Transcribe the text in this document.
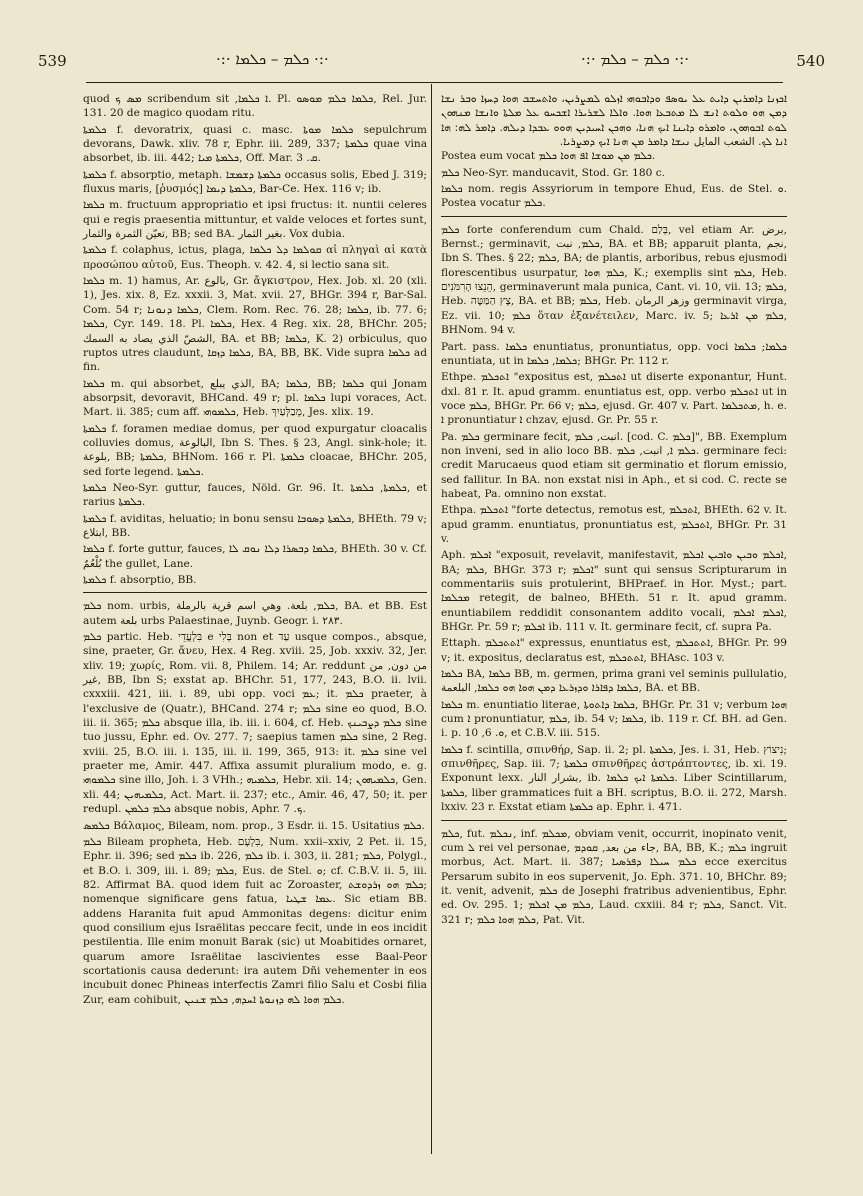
539	·:· ܟܠܡ – ܟܠܡܐ ·:·	·:· ܟܠܡ – ܟܠܡ ·:·	540

quod ܡܣ ܟ scribendum sit ,ܐ ܟܠܡܐ. Pl. ܟܠܡܐ ܟܠܡ ܡܘܣܘ, Rel. Jur. 131. 20 de magico quodam ritu.

ܟܠܡܬܐ f. devoratrix, quasi c. masc. ܟܠܡܐ ܡܘܬܐ sepulchrum devorans, Dawk. xliv. 78 r, Ephr. iii. 289, 337; ܟܠܡܬܐ quae vina absorbet, ib. iii. 442; ܟܠܡܬܐ ܡܝܐ, Off. Mar. ܩ. 3.

ܟܠܡܬܐ f. absorptio, metaph. ܟܠܡܬܐ ܕܫܡܫܐ occasus solis, Ebed J. 319; fluxus maris, [ῥυσμός] ܟܠܡܬܐ ܕܝܡܐ, Bar-Ce. Hex. 116 v; ib.

ܟܠܡܐ m. fructuum appropriatio et ipsi fructus: it. nuntii celeres qui e regis praesentia mittuntur, et valde veloces et fortes sunt, تعيّن الثمرة والثمار, BB; sed BA. بغير الثمار. Vox dubia.

ܟܠܡܬܐ f. colaphus, ictus, plaga, ܩܘܠܡܐ ܕܠ ܟܠܡܐ αἱ πληγαὶ αἱ κατὰ προσώπου αὐτοῦ, Eus. Theoph. v. 42. 4, si lectio sana sit.

ܟܠܡܐ m. 1) hamus, Ar. بالوع, Gr. ἄγκιστρον, Hex. Job. xl. 20 (xli. 1), Jes. xix. 8, Ez. xxxii. 3, Mat. xvii. 27, BHGr. 394 r, Bar-Sal. Com. 54 r; ܟܠܡܐ ܕܢܘܢܐ, Clem. Rom. Rec. 76. 28; ܟܠܡܐ, ib. 77. 6; ܟܠܡܐ, Cyr. 149. 18. Pl. ܟܠܡܐ, Hex. 4 Reg. xix. 28, BHChr. 205; الشصّ الذي يصاد به السمك, BA. et BB; ܟܠܡܐ, K. 2) orbiculus, quo ruptos utres claudunt, ܟܠܡܐ ܕܙܩܐ, BA, BB, BK. Vide supra ܟܠܡܐ ad fin.

ܟܠܡܐ m. qui absorbet, الذي يبلع, BA; ܟܠܡܐ, BB; ܟܠܡܐ qui Jonam absorpsit, devoravit, BHCand. 49 r; pl. ܟܠܡܐ lupi voraces, Act. Mart. ii. 385; cum aff. ܟܠܡܘܗܝ, Heb. מְבַלְּעַיִךְ, Jes. xlix. 19.

ܟܠܡܬܐ f. foramen mediae domus, per quod expurgatur cloacalis colluvies domus, البالوعة, Ibn S. Thes. § 23, Angl. sink-hole; it. بلوعة, BB; ܟܠܡܬܐ, BHNom. 166 r. Pl. ܟܠܡܬܐ cloacae, BHChr. 205, sed forte legend. ܟܠܡܬܐ.

ܟܠܡܬܐ Neo-Syr. guttur, fauces, Nöld. Gr. 96. It. ܟܠܡܬܐ, ܟܠܡܬܐ, et rarius ܟܠܡܬܐ.

ܟܠܡܬܐ f. aviditas, heluatio; in bonu sensu ܟܠܡܬܐ ܕܣܘܒܐ, BHEth. 79 v; ابتلاع, BB.

ܟܠܡܐ f. forte guttur, fauces, ܟܠܡܐ ܕܒܣܪܐ ܕܠܐ ܢܘܩ ܠܐ, BHEth. 30 v. Cf. بُلْعُمٌ the gullet, Lane.

ܟܠܡܬܐ f. absorptio, BB.

ܟܠܡ nom. urbis, ܟܠܡ, بلعة. وهي اسم قرية بالرملة, BA. et BB. Est autem بلعة urbs Palaestinae, Juynb. Geogr. i. ۲۸۳.

ܟܠܡ partic. Heb. בִּלְעֲדֵי e בְּלִי non et עַד usque compos., absque, sine, praeter, Gr. ἄνευ, Hex. 4 Reg. xviii. 25, Job. xxxiv. 32, Jer. xliv. 19; χωρίς, Rom. vii. 8, Philem. 14; Ar. reddunt من دون, من غير, BB, Ibn S; exstat ap. BHChr. 51, 177, 243, B.O. ii. lvii. cxxxiii. 421, iii. i. 89, ubi opp. voci ܥܡ; it. ܟܠܡ praeter, à l'exclusive de (Quatr.), BHCand. 274 r; ܟܠܡ sine eo quod, B.O. iii. ii. 365; ܟܠܡ absque illa, ib. iii. i. 604, cf. Heb. ܟܠܡ ܕܨܒܝܢܟ sine tuo jussu, Ephr. ed. Ov. 277. 7; saepius tamen ܟܠܡ sine, 2 Reg. xviii. 25, B.O. iii. i. 135, iii. ii. 199, 365, 913: it. ܟܠܡ sine vel praeter me, Amir. 447. Affixa assumit pluralium modo, e. g. ܟܠܡܘܗܝ sine illo, Joh. i. 3 VHh.; ܟܠܡܝܗ, Hebr. xii. 14; ܟܠܡܝܗܘܢ, Gen. xli. 44; ܟܠܡܝܗܝܢ, Act. Mart. ii. 237; etc., Amir. 46, 47, 50; it. per redupl. ܟܠܡ ܟܠܡܢ absque nobis, Aphr. ܟ. 7.

ܟܠܡܣ Βάλαμος, Bileam, nom. prop., 3 Esdr. ii. 15. Usitatius ܟܠܡ.

ܟܠܡ Bileam propheta, Heb. בִּלְעָם, Num. xxii–xxiv, 2 Pet. ii. 15, Ephr. ii. 396; sed ܟܠܡ ib. 226, ܟܠܡ ib. i. 303, ii. 281; ܟܠܡ, Polygl., et B.O. i. 309, iii. i. 89; ܟܠܡ, Eus. de Stel. ܘ; cf. C.B.V. ii. 5, iii. 82. Affirmat BA. quod idem fuit ac Zoroaster, ܟܠܡ ܗܘ ܙܪܕܘܫܬ; nomenque significare gens fatua, ܥܡܐ ܫܛܝܐ. Sic etiam BB. addens Haranita fuit apud Ammonitas degens: dicitur enim quod consilium ejus Israëlitas peccare fecit, unde in eos incidit pestilentia. Ille enim monuit Barak (sic) ut Moabitides ornaret, quarum amore Israëlitae lascivientes esse Baal-Peor scortationis causa dederunt: ira autem Dñi vehementer in eos incubuit donec Phineas interfectis Zamri filio Salu et Cosbi filia Zur, eam cohibuit, ܟܠܡ ܗܘܐ ܠܗ ܕܙܢܘܬܐ ܐܚܕܗ, ܟܠܡ ܫܢܝܢ.

ܐܟܙܢܐ ܕܐܡܪܝܢ ܕܐܝܬ ܥܠ ܝܘܣܦ ܘܕܐܒܘܗܝ ܐܙܠܘ ܠܡܨܪܝܢ، ܘܐܬܚܫܒ ܗܘܐ ܕܚܙܐ ܘܒܪ ܢܫܐ ܕܡܢ ܗܘ ܘܠܘܬ ܐܢܫ ܠܐ ܡܬܒܥܐ ܗܘܐ. ܘܐܠܐ ܠܫܪܝܪܐ ܐܫܟܚܘ ܥܠ ܡܠܬܐ ܘܐܢܫܐ ܡܢܗܘܢ ܠܘܬ ܐܒܘܗܘܢ، ܘܐܡܪܘ ܕܐܝܢܐ ܐܝܟ ܗܢܐ، ܘܗܟܢ ܐܚܝܕܝܢ ܗܘܘ ܥܒܕܐ ܕܝܠܗ. ܕܐܡܪ ܠܗ: ܗܐ ܐܢܐ ܠܟ. الشعب المايل ܢܝܫܐ ܕܐܡܪ ܡܢ ܗܢܐ ܐܝܟ ܕܡܨܪܝܐ.

Postea eum vocat ܟܠܡ ܡܢ ܡܘܫܐ ܐܦ ܗܘܐ ܟܠܡ.

ܟܠܡ Neo-Syr. manducavit, Stod. Gr. 180 c.

ܟܠܡܐ nom. regis Assyriorum in tempore Ehud, Eus. de Stel. ܘ. Postea vocatur ܟܠܡ.

ܟܠܡ forte conferendum cum Chald. בְּלַם, vel etiam Ar. برض, Bernst.; germinavit, ܟܠܡ, نبت, BA. et BB; apparuit planta, نجم, Ibn S. Thes. § 22; ܟܠܡ, BA; de plantis, arboribus, rebus ejusmodi florescentibus usurpatur, ܟܠܡ ܗܘܐ, K.; exemplis sint ܟܠܡ, Heb. הֵנֵצוּ הָרִמֹּנִים, germinaverunt mala punica, Cant. vi. 10, vii. 13; ܟܠܡ, Heb. צָץ הַמַּטֶּה, BA. et BB; ܟܠܡ, Heb. وزهر الرمان germinavit virga, Ez. vii. 10; ܟܠܡ ὅταν ἐξανέτειλεν, Marc. iv. 5; ܟܠܡ ܡܢ ܐܪܥܐ, BHNom. 94 v.

Part. pass. ܟܠܡܐ enuntiatus, pronuntiatus, opp. voci ܟܠܡܐ; ܟܠܡܐ enuntiata, ut in ܟܠܡܐ, ܟܠܡܐ; BHGr. Pr. 112 r.

Ethpe. ܐܬܟܠܡ "expositus est, ܐܬܟܠܡ ut diserte exponantur, Hunt. dxl. 81 r. It. apud gramm. enuntiatus est, opp. verbo ܐܬܟܠܡ ut in voce ܟܠܡ, BHGr. Pr. 66 v; ܟܠܡ, ejusd. Gr. 407 v. Part. ܡܬܟܠܡܐ, h. e. ܐ pronuntiatur ܐ chzav, ejusd. Gr. Pr. 55 r.

Pa. ܟܠܡ germinare fecit, انبت, ܟܠܡ. [cod. C. ܟܠܡ]", BB. Exemplum non inveni, sed in alio loco BB. ܟܠܡ ܐ, انبت, ܟܠܡ. germinare feci: credit Marucaeus quod etiam sit germinatio et florum emissio, sed fallitur. In BA. non exstat nisi in Aph., et si cod. C. recte se habeat, Pa. omnino non exstat.

Ethpa. ܐܬܟܠܡ "forte detectus, remotus est, ܐܬܟܠܡ, BHEth. 62 v. It. apud gramm. enuntiatus, pronuntiatus est, ܐܬܟܠܡ, BHGr. Pr. 31 v.

Aph. ܐܟܠܡ "exposuit, revelavit, manifestavit, ܐܟܠܡ ܘܒܝܢ ܘܐܒܝܢ ܐܟܠܡ, BA; ܟܠܡ, BHGr. 373 r; ܐܟܠܡ" sunt qui sensus Scripturarum in commentariis suis protulerint, BHPraef. in Hor. Myst.; part. ܡܟܠܡܐ retegit, de balneo, BHEth. 51 r. It. apud gramm. enuntiabilem reddidit consonantem addito vocali, ܐܟܠܡ ܐܟܠܡ, BHGr. Pr. 59 r; ܐܟܠܡ ib. 111 v. It. germinare fecit, cf. supra Pa.

Ettaph. ܐܬܬܟܠܡ" expressus, enuntiatus est, ܐܬܬܟܠܡ, BHGr. Pr. 99 v; it. expositus, declaratus est, ܐܬܬܟܠܡ, BHAsc. 103 v.

ܟܠܡܐ BA, ܟܠܡܐ BB, m. germen, prima grani vel seminis pullulatio, ܟܠܡܐ ܕܦܐܪܐ ܘܕܙܪܥܐ ܕܡܢ ܗܘܐ ܗܘ ܟܠܡܐ, البلعمة, BA. et BB.

ܟܠܡܐ m. enuntiatio literae, ܟܠܡܐ ܕܐܬܘܬܐ, BHGr. Pr. 31 v; verbum ܗܘܐ cum ܐ pronuntiatur, ܟܠܡ, ib. 54 v; ܟܠܡܐ, ib. 119 r. Cf. BH. ad Gen. i. p. ܘ. 6, 10, et C.B.V. iii. 515.

ܟܠܡܐ f. scintilla, σπινθήρ, Sap. ii. 2; pl. ܟܠܡܬܐ, Jes. i. 31, Heb. נִיצוֹץ; σπινθῆρες, Sap. iii. 7; ܟܠܡܬܐ σπινθῆρες ἀστράπτοντες, ib. xi. 19. Exponunt lexx. بشرار النار, ib. ܟܠܡܬܐ ܐܝܟ ܟܠܡܐ. Liber Scintillarum, ܟܠܡܬܐ, liber grammatices fuit a BH. scriptus, B.O. ii. 272, Marsh. lxxiv. 23 r. Exstat etiam ܟܠܡܬܐ ap. Ephr. i. 471.

ܟܠܡ, fut. ܢܟܠܡ, inf. ܡܟܠܡ, obviam venit, occurrit, inopinato venit, cum ܠ rei vel personae, جاء من بعد, ܩܘܕܡ, BA, BB, K.; ܟܠܡ ingruit morbus, Act. Mart. ii. 387; ܟܠܡ ܚܝܠܐ ܕܦܪܣܝܐ ecce exercitus Persarum subito in eos supervenit, Jo. Eph. 371. 10, BHChr. 89; it. venit, advenit, ܟܠܡ de Josephi fratribus advenientibus, Ephr. ed. Ov. 295. 1; ܟܠܡ ܡܢ ܐܟܠܡ, Laud. cxxiii. 84 r; ܟܠܡ, Sanct. Vit. 321 r; ܟܠܡ ܗܘܐ ܟܠܡ, Pat. Vit.
